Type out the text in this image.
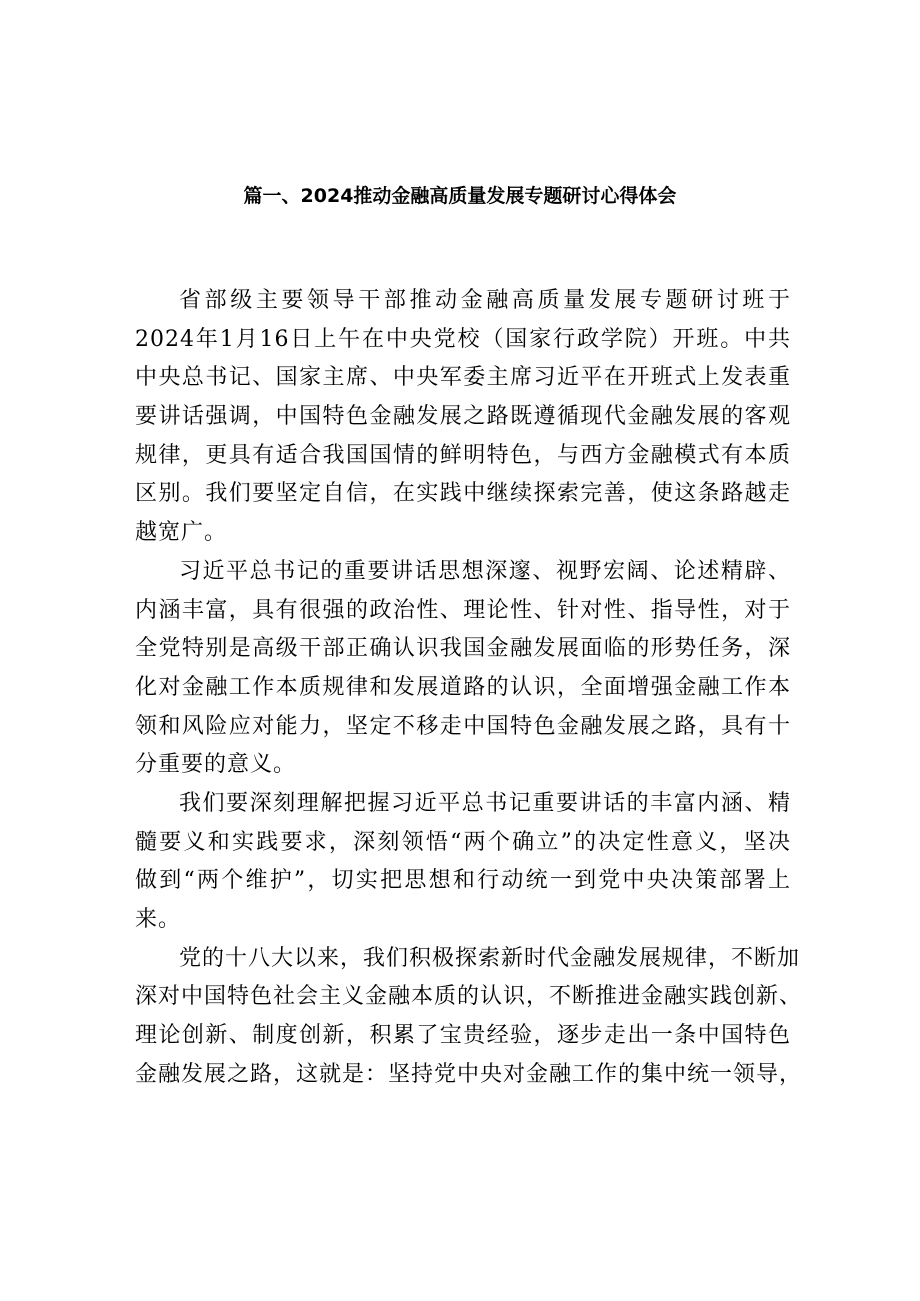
篇一、2024推动金融高质量发展专题研讨心得体会
省部级主要领导干部推动金融高质量发展专题研讨班于
2024年1月16日上午在中央党校（国家行政学院）开班。中共
中央总书记、国家主席、中央军委主席习近平在开班式上发表重
要讲话强调，中国特色金融发展之路既遵循现代金融发展的客观
规律，更具有适合我国国情的鲜明特色，与西方金融模式有本质
区别。我们要坚定自信，在实践中继续探索完善，使这条路越走
越宽广。
习近平总书记的重要讲话思想深邃、视野宏阔、论述精辟、
内涵丰富，具有很强的政治性、理论性、针对性、指导性，对于
全党特别是高级干部正确认识我国金融发展面临的形势任务，深
化对金融工作本质规律和发展道路的认识，全面增强金融工作本
领和风险应对能力，坚定不移走中国特色金融发展之路，具有十
分重要的意义。
我们要深刻理解把握习近平总书记重要讲话的丰富内涵、精
髓要义和实践要求，深刻领悟“两个确立”的决定性意义，坚决
做到“两个维护”，切实把思想和行动统一到党中央决策部署上
来。
党的十八大以来，我们积极探索新时代金融发展规律，不断加
深对中国特色社会主义金融本质的认识，不断推进金融实践创新、
理论创新、制度创新，积累了宝贵经验，逐步走出一条中国特色
金融发展之路，这就是：坚持党中央对金融工作的集中统一领导，
